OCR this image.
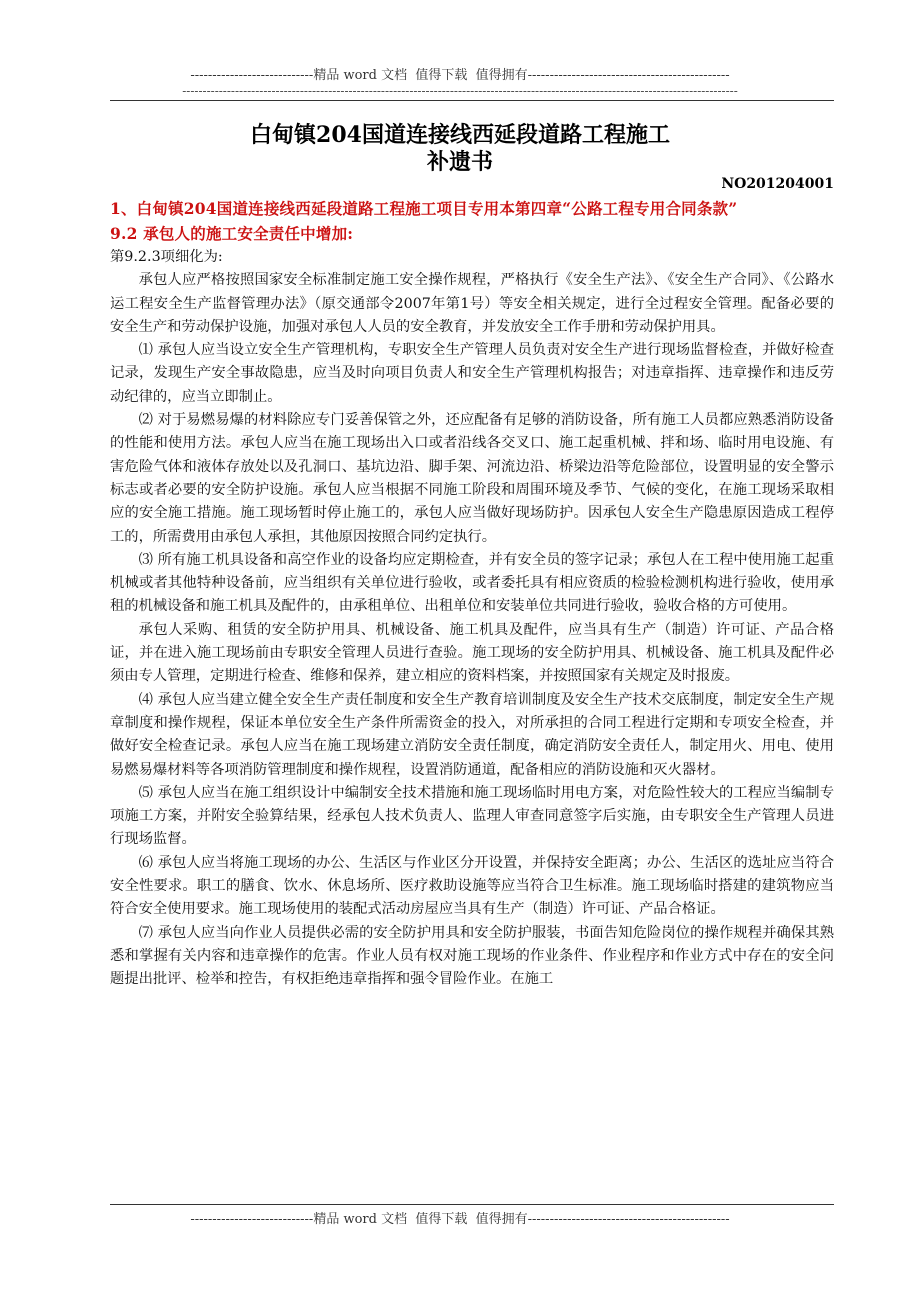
----------------------------精品 word 文档  值得下载  值得拥有----------------------------------------------
-----------------------------------------------------------------------------------------------------------------------------------------
白甸镇204国道连接线西延段道路工程施工
补遗书
NO201204001
1、白甸镇204国道连接线西延段道路工程施工项目专用本第四章“公路工程专用合同条款”
9.2 承包人的施工安全责任中增加:

第9.2.3项细化为:

承包人应严格按照国家安全标准制定施工安全操作规程，严格执行《安全生产法》、《安全生产合同》、《公路水运工程安全生产监督管理办法》（原交通部令2007年第1号）等安全相关规定，进行全过程安全管理。配备必要的安全生产和劳动保护设施，加强对承包人人员的安全教育，并发放安全工作手册和劳动保护用具。

⑴ 承包人应当设立安全生产管理机构，专职安全生产管理人员负责对安全生产进行现场监督检查，并做好检查记录，发现生产安全事故隐患，应当及时向项目负责人和安全生产管理机构报告；对违章指挥、违章操作和违反劳动纪律的，应当立即制止。

⑵ 对于易燃易爆的材料除应专门妥善保管之外，还应配备有足够的消防设备，所有施工人员都应熟悉消防设备的性能和使用方法。承包人应当在施工现场出入口或者沿线各交叉口、施工起重机械、拌和场、临时用电设施、有害危险气体和液体存放处以及孔洞口、基坑边沿、脚手架、河流边沿、桥梁边沿等危险部位，设置明显的安全警示标志或者必要的安全防护设施。承包人应当根据不同施工阶段和周围环境及季节、气候的变化，在施工现场采取相应的安全施工措施。施工现场暂时停止施工的，承包人应当做好现场防护。因承包人安全生产隐患原因造成工程停工的，所需费用由承包人承担，其他原因按照合同约定执行。

⑶ 所有施工机具设备和高空作业的设备均应定期检查，并有安全员的签字记录；承包人在工程中使用施工起重机械或者其他特种设备前，应当组织有关单位进行验收，或者委托具有相应资质的检验检测机构进行验收，使用承租的机械设备和施工机具及配件的，由承租单位、出租单位和安装单位共同进行验收，验收合格的方可使用。

承包人采购、租赁的安全防护用具、机械设备、施工机具及配件，应当具有生产（制造）许可证、产品合格证，并在进入施工现场前由专职安全管理人员进行查验。施工现场的安全防护用具、机械设备、施工机具及配件必须由专人管理，定期进行检查、维修和保养，建立相应的资料档案，并按照国家有关规定及时报废。

⑷ 承包人应当建立健全安全生产责任制度和安全生产教育培训制度及安全生产技术交底制度，制定安全生产规章制度和操作规程，保证本单位安全生产条件所需资金的投入，对所承担的合同工程进行定期和专项安全检查，并做好安全检查记录。承包人应当在施工现场建立消防安全责任制度，确定消防安全责任人，制定用火、用电、使用易燃易爆材料等各项消防管理制度和操作规程，设置消防通道，配备相应的消防设施和灭火器材。

⑸ 承包人应当在施工组织设计中编制安全技术措施和施工现场临时用电方案，对危险性较大的工程应当编制专项施工方案，并附安全验算结果，经承包人技术负责人、监理人审查同意签字后实施，由专职安全生产管理人员进行现场监督。

⑹ 承包人应当将施工现场的办公、生活区与作业区分开设置，并保持安全距离；办公、生活区的选址应当符合安全性要求。职工的膳食、饮水、休息场所、医疗救助设施等应当符合卫生标准。施工现场临时搭建的建筑物应当符合安全使用要求。施工现场使用的装配式活动房屋应当具有生产（制造）许可证、产品合格证。

⑺ 承包人应当向作业人员提供必需的安全防护用具和安全防护服装，书面告知危险岗位的操作规程并确保其熟悉和掌握有关内容和违章操作的危害。作业人员有权对施工现场的作业条件、作业程序和作业方式中存在的安全问题提出批评、检举和控告，有权拒绝违章指挥和强令冒险作业。在施工

----------------------------精品 word 文档  值得下载  值得拥有----------------------------------------------
